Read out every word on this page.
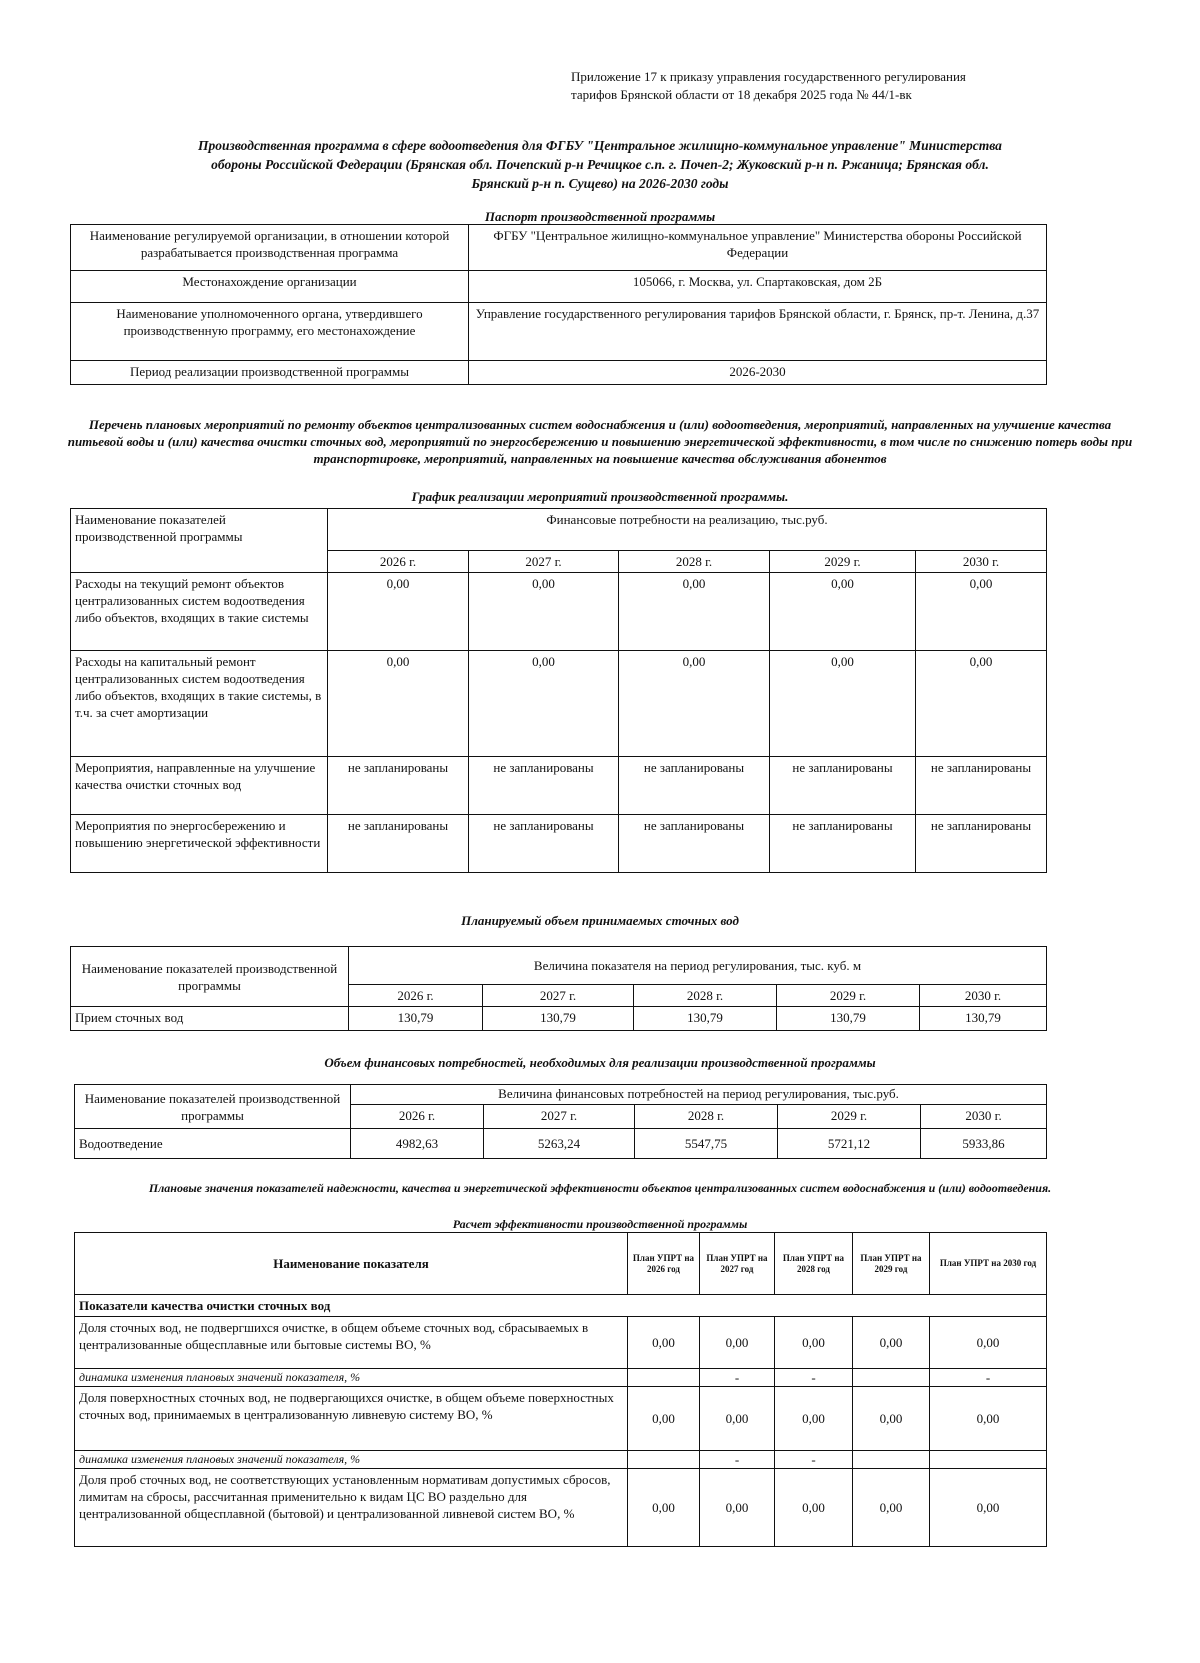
Приложение 17 к приказу управления государственного регулирования
тарифов Брянской области от 18 декабря 2025 года № 44/1-вк
Производственная программа в сфере водоотведения для ФГБУ "Центральное жилищно-коммунальное управление" Министерства
обороны Российской Федерации (Брянская обл. Почепский р-н Речицкое с.п. г. Почеп-2; Жуковский р-н п. Ржаница; Брянская обл.
Брянский р-н п. Сущево) на 2026-2030 годы
Паспорт производственной программы
Наименование регулируемой организации, в отношении которой разрабатывается производственная программа	ФГБУ "Центральное жилищно-коммунальное управление" Министерства обороны Российской Федерации
Местонахождение организации	105066, г. Москва, ул. Спартаковская, дом 2Б
Наименование уполномоченного органа, утвердившего производственную программу, его местонахождение	Управление государственного регулирования тарифов Брянской области, г. Брянск, пр-т. Ленина, д.37
Период реализации производственной программы	2026-2030
Перечень плановых мероприятий по ремонту объектов централизованных систем водоснабжения и (или) водоотведения, мероприятий, направленных на улучшение качества питьевой воды и (или) качества очистки сточных вод, мероприятий по энергосбережению и повышению энергетической эффективности, в том числе по снижению потерь воды при транспортировке, мероприятий, направленных на повышение качества обслуживания абонентов
График реализации мероприятий производственной программы.
Наименование показателей производственной программы	Финансовые потребности на реализацию, тыс.руб.				
	2026 г.	2027 г.	2028 г.	2029 г.	2030 г.
Расходы на текущий ремонт объектов централизованных систем водоотведения либо объектов, входящих в такие системы	0,00	0,00	0,00	0,00	0,00
Расходы на капитальный ремонт централизованных систем водоотведения либо объектов, входящих в такие системы, в т.ч. за счет амортизации	0,00	0,00	0,00	0,00	0,00
Мероприятия, направленные на улучшение качества очистки сточных вод	не запланированы	не запланированы	не запланированы	не запланированы	не запланированы
Мероприятия по энергосбережению и повышению энергетической эффективности	не запланированы	не запланированы	не запланированы	не запланированы	не запланированы
Планируемый объем принимаемых сточных вод
Наименование показателей производственной программы	Величина показателя на период регулирования, тыс. куб. м				
	2026 г.	2027 г.	2028 г.	2029 г.	2030 г.
Прием сточных вод	130,79	130,79	130,79	130,79	130,79
Объем финансовых потребностей, необходимых для реализации производственной программы
Наименование показателей производственной программы	Величина финансовых потребностей на период регулирования, тыс.руб.				
	2026 г.	2027 г.	2028 г.	2029 г.	2030 г.
Водоотведение	4982,63	5263,24	5547,75	5721,12	5933,86
Плановые значения показателей надежности, качества и энергетической эффективности объектов централизованных систем водоснабжения и (или) водоотведения.
Расчет эффективности производственной программы
Наименование показателя	План УПРТ на 2026 год	План УПРТ на 2027 год	План УПРТ на 2028 год	План УПРТ на 2029 год	План УПРТ на 2030 год
Показатели качества очистки сточных вод					
Доля сточных вод, не подвергшихся очистке, в общем объеме сточных вод, сбрасываемых в централизованные общесплавные или бытовые системы ВО, %	0,00	0,00	0,00	0,00	0,00
динамика изменения плановых значений показателя, %		-	-		-
Доля поверхностных сточных вод, не подвергающихся очистке, в общем объеме поверхностных сточных вод, принимаемых в централизованную ливневую систему ВО, %	0,00	0,00	0,00	0,00	0,00
динамика изменения плановых значений показателя, %		-	-		
Доля проб сточных вод, не соответствующих установленным нормативам допустимых сбросов, лимитам на сбросы, рассчитанная применительно к видам ЦС ВО раздельно для централизованной общесплавной (бытовой) и централизованной ливневой систем ВО, %	0,00	0,00	0,00	0,00	0,00
